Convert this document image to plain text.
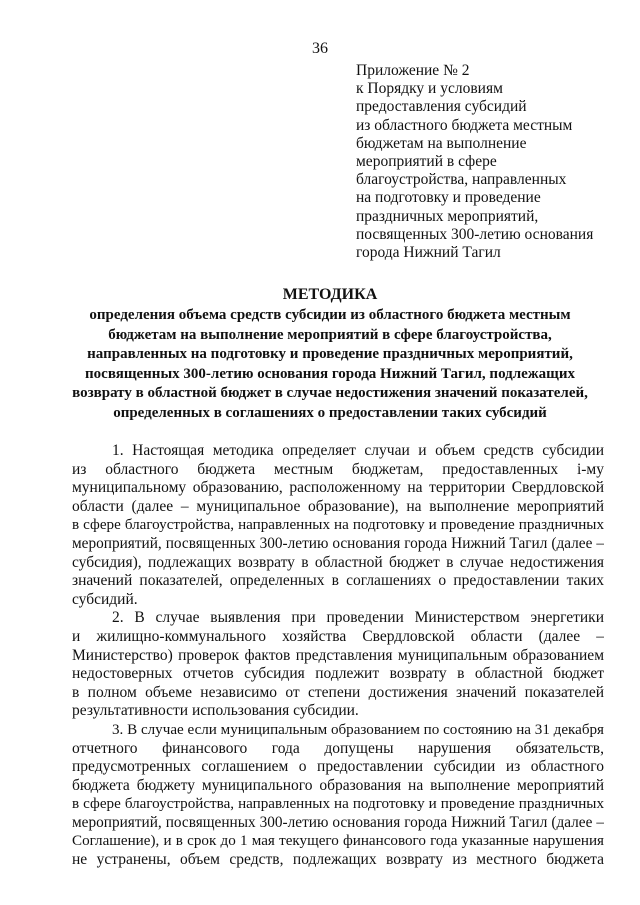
36
Приложение № 2
к Порядку и условиям
предоставления субсидий
из областного бюджета местным
бюджетам на выполнение
мероприятий в сфере
благоустройства, направленных
на подготовку и проведение
праздничных мероприятий,
посвященных 300-летию основания
города Нижний Тагил
МЕТОДИКА
определения объема средств субсидии из областного бюджета местным
бюджетам на выполнение мероприятий в сфере благоустройства,
направленных на подготовку и проведение праздничных мероприятий,
посвященных 300-летию основания города Нижний Тагил, подлежащих
возврату в областной бюджет в случае недостижения значений показателей,
определенных в соглашениях о предоставлении таких субсидий
1. Настоящая методика определяет случаи и объем средств субсидии
из областного бюджета местным бюджетам, предоставленных i-му
муниципальному образованию, расположенному на территории Свердловской
области (далее – муниципальное образование), на выполнение мероприятий
в сфере благоустройства, направленных на подготовку и проведение праздничных
мероприятий, посвященных 300-летию основания города Нижний Тагил (далее –
субсидия), подлежащих возврату в областной бюджет в случае недостижения
значений показателей, определенных в соглашениях о предоставлении таких
субсидий.
2. В случае выявления при проведении Министерством энергетики
и жилищно-коммунального хозяйства Свердловской области (далее –
Министерство) проверок фактов представления муниципальным образованием
недостоверных отчетов субсидия подлежит возврату в областной бюджет
в полном объеме независимо от степени достижения значений показателей
результативности использования субсидии.
3. В случае если муниципальным образованием по состоянию на 31 декабря
отчетного финансового года допущены нарушения обязательств,
предусмотренных соглашением о предоставлении субсидии из областного
бюджета бюджету муниципального образования на выполнение мероприятий
в сфере благоустройства, направленных на подготовку и проведение праздничных
мероприятий, посвященных 300-летию основания города Нижний Тагил (далее –
Соглашение), и в срок до 1 мая текущего финансового года указанные нарушения
не устранены, объем средств, подлежащих возврату из местного бюджета
